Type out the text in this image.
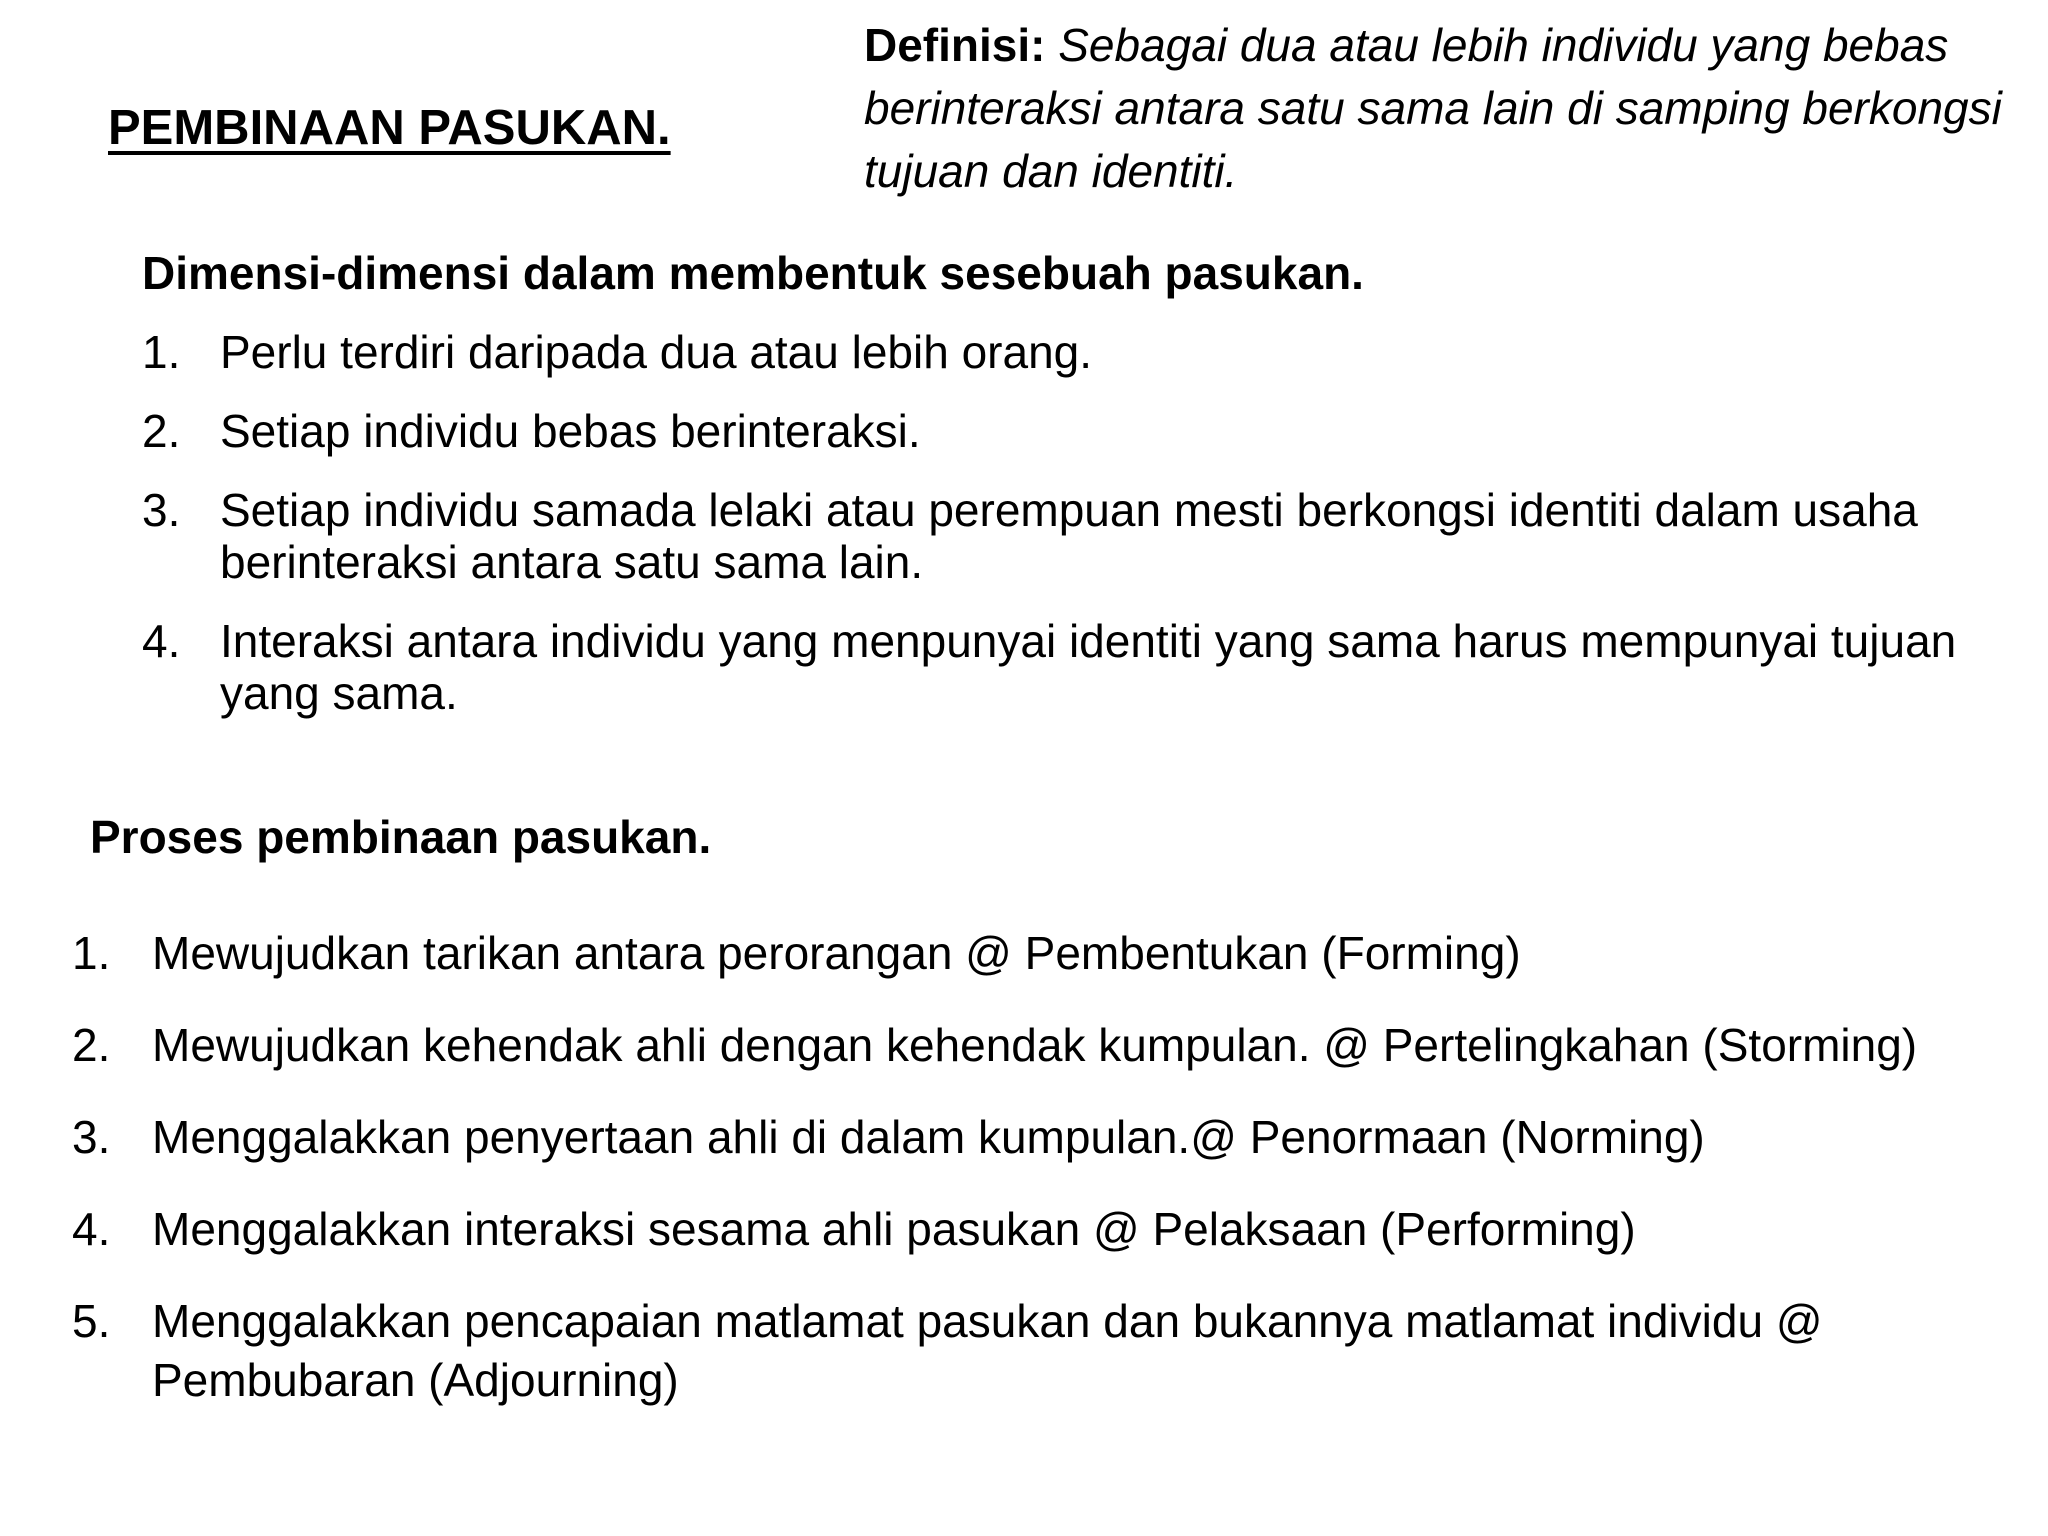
PEMBINAAN PASUKAN.

Definisi: Sebagai dua atau lebih individu yang bebas berinteraksi antara satu sama lain di samping berkongsi tujuan dan identiti.

Dimensi-dimensi dalam membentuk sesebuah pasukan.
1. Perlu terdiri daripada dua atau lebih orang.
2. Setiap individu bebas berinteraksi.
3. Setiap individu samada lelaki atau perempuan mesti berkongsi identiti dalam usaha berinteraksi antara satu sama lain.
4. Interaksi antara individu yang menpunyai identiti yang sama harus mempunyai tujuan yang sama.
Proses pembinaan pasukan.
1. Mewujudkan tarikan antara perorangan @ Pembentukan (Forming)
2. Mewujudkan kehendak ahli dengan kehendak kumpulan. @ Pertelingkahan (Storming)
3. Menggalakkan penyertaan ahli di dalam kumpulan.@ Penormaan (Norming)
4. Menggalakkan interaksi sesama ahli pasukan @ Pelaksaan (Performing)
5. Menggalakkan pencapaian matlamat pasukan dan bukannya matlamat individu @ Pembubaran (Adjourning)
